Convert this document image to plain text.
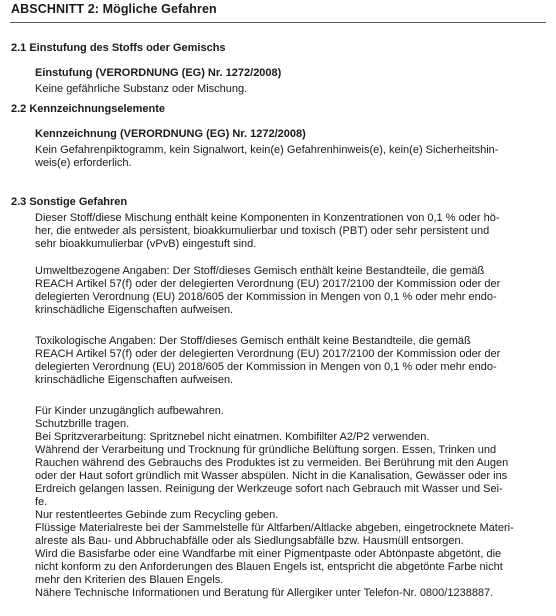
ABSCHNITT 2: Mögliche Gefahren
2.1 Einstufung des Stoffs oder Gemischs
Einstufung (VERORDNUNG (EG) Nr. 1272/2008)
Keine gefährliche Substanz oder Mischung.
2.2 Kennzeichnungselemente
Kennzeichnung (VERORDNUNG (EG) Nr. 1272/2008)
Kein Gefahrenpiktogramm, kein Signalwort, kein(e) Gefahrenhinweis(e), kein(e) Sicherheitshin-
weis(e) erforderlich.
2.3 Sonstige Gefahren
Dieser Stoff/diese Mischung enthält keine Komponenten in Konzentrationen von 0,1 % oder hö-
her, die entweder als persistent, bioakkumulierbar und toxisch (PBT) oder sehr persistent und
sehr bioakkumulierbar (vPvB) eingestuft sind.
Umweltbezogene Angaben: Der Stoff/dieses Gemisch enthält keine Bestandteile, die gemäß
REACH Artikel 57(f) oder der delegierten Verordnung (EU) 2017/2100 der Kommission oder der
delegierten Verordnung (EU) 2018/605 der Kommission in Mengen von 0,1 % oder mehr endo-
krinschädliche Eigenschaften aufweisen.
Toxikologische Angaben: Der Stoff/dieses Gemisch enthält keine Bestandteile, die gemäß
REACH Artikel 57(f) oder der delegierten Verordnung (EU) 2017/2100 der Kommission oder der
delegierten Verordnung (EU) 2018/605 der Kommission in Mengen von 0,1 % oder mehr endo-
krinschädliche Eigenschaften aufweisen.
Für Kinder unzugänglich aufbewahren.
Schutzbrille tragen.
Bei Spritzverarbeitung: Spritznebel nicht einatmen. Kombifilter A2/P2 verwenden.
Während der Verarbeitung und Trocknung für gründliche Belüftung sorgen. Essen, Trinken und
Rauchen während des Gebrauchs des Produktes ist zu vermeiden. Bei Berührung mit den Augen
oder der Haut sofort gründlich mit Wasser abspülen. Nicht in die Kanalisation, Gewässer oder ins
Erdreich gelangen lassen. Reinigung der Werkzeuge sofort nach Gebrauch mit Wasser und Sei-
fe.
Nur restentleertes Gebinde zum Recycling geben.
Flüssige Materialreste bei der Sammelstelle für Altfarben/Altlacke abgeben, eingetrocknete Materi-
alreste als Bau- und Abbruchabfälle oder als Siedlungsabfälle bzw. Hausmüll entsorgen.
Wird die Basisfarbe oder eine Wandfarbe mit einer Pigmentpaste oder Abtönpaste abgetönt, die
nicht konform zu den Anforderungen des Blauen Engels ist, entspricht die abgetönte Farbe nicht
mehr den Kriterien des Blauen Engels.
Nähere Technische Informationen und Beratung für Allergiker unter Telefon-Nr. 0800/1238887.
